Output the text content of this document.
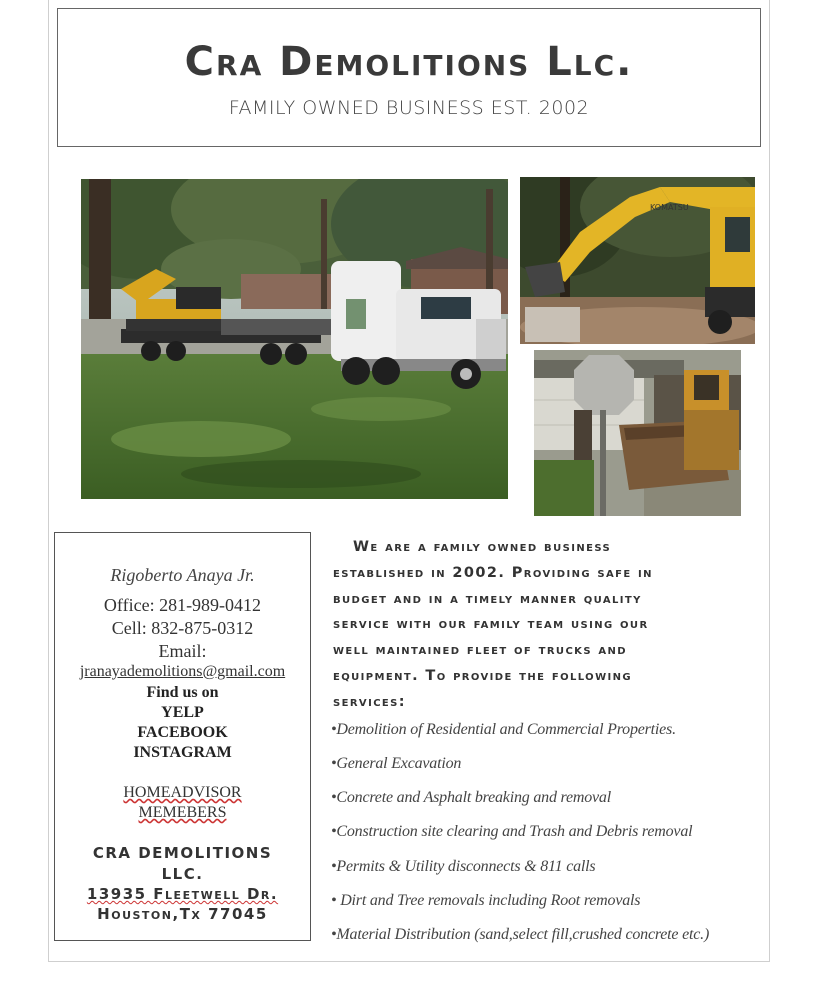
Cra Demolitions Llc.
FAMILY OWNED BUSINESS EST. 2002
KOMATSU
Rigoberto Anaya Jr.
Office: 281-989-0412
Cell: 832-875-0312
Email:
jranayademolitions@gmail.com
Find us on
YELP
FACEBOOK
INSTAGRAM
HOMEADVISOR
MEMEBERS
CRA DEMOLITIONS
LLC.
13935 Fleetwell Dr.
Houston,Tx 77045
We are a family owned business
established in 2002. Providing safe in
budget and in a timely manner quality
service with our family team using our
well maintained fleet of trucks and
equipment. To provide the following
services:
•Demolition of Residential and Commercial Properties.
•General Excavation
•Concrete and Asphalt breaking and removal
•Construction site clearing and Trash and Debris removal
•Permits & Utility disconnects & 811 calls
• Dirt and Tree removals including Root removals
•Material Distribution (sand,select fill,crushed concrete etc.)
